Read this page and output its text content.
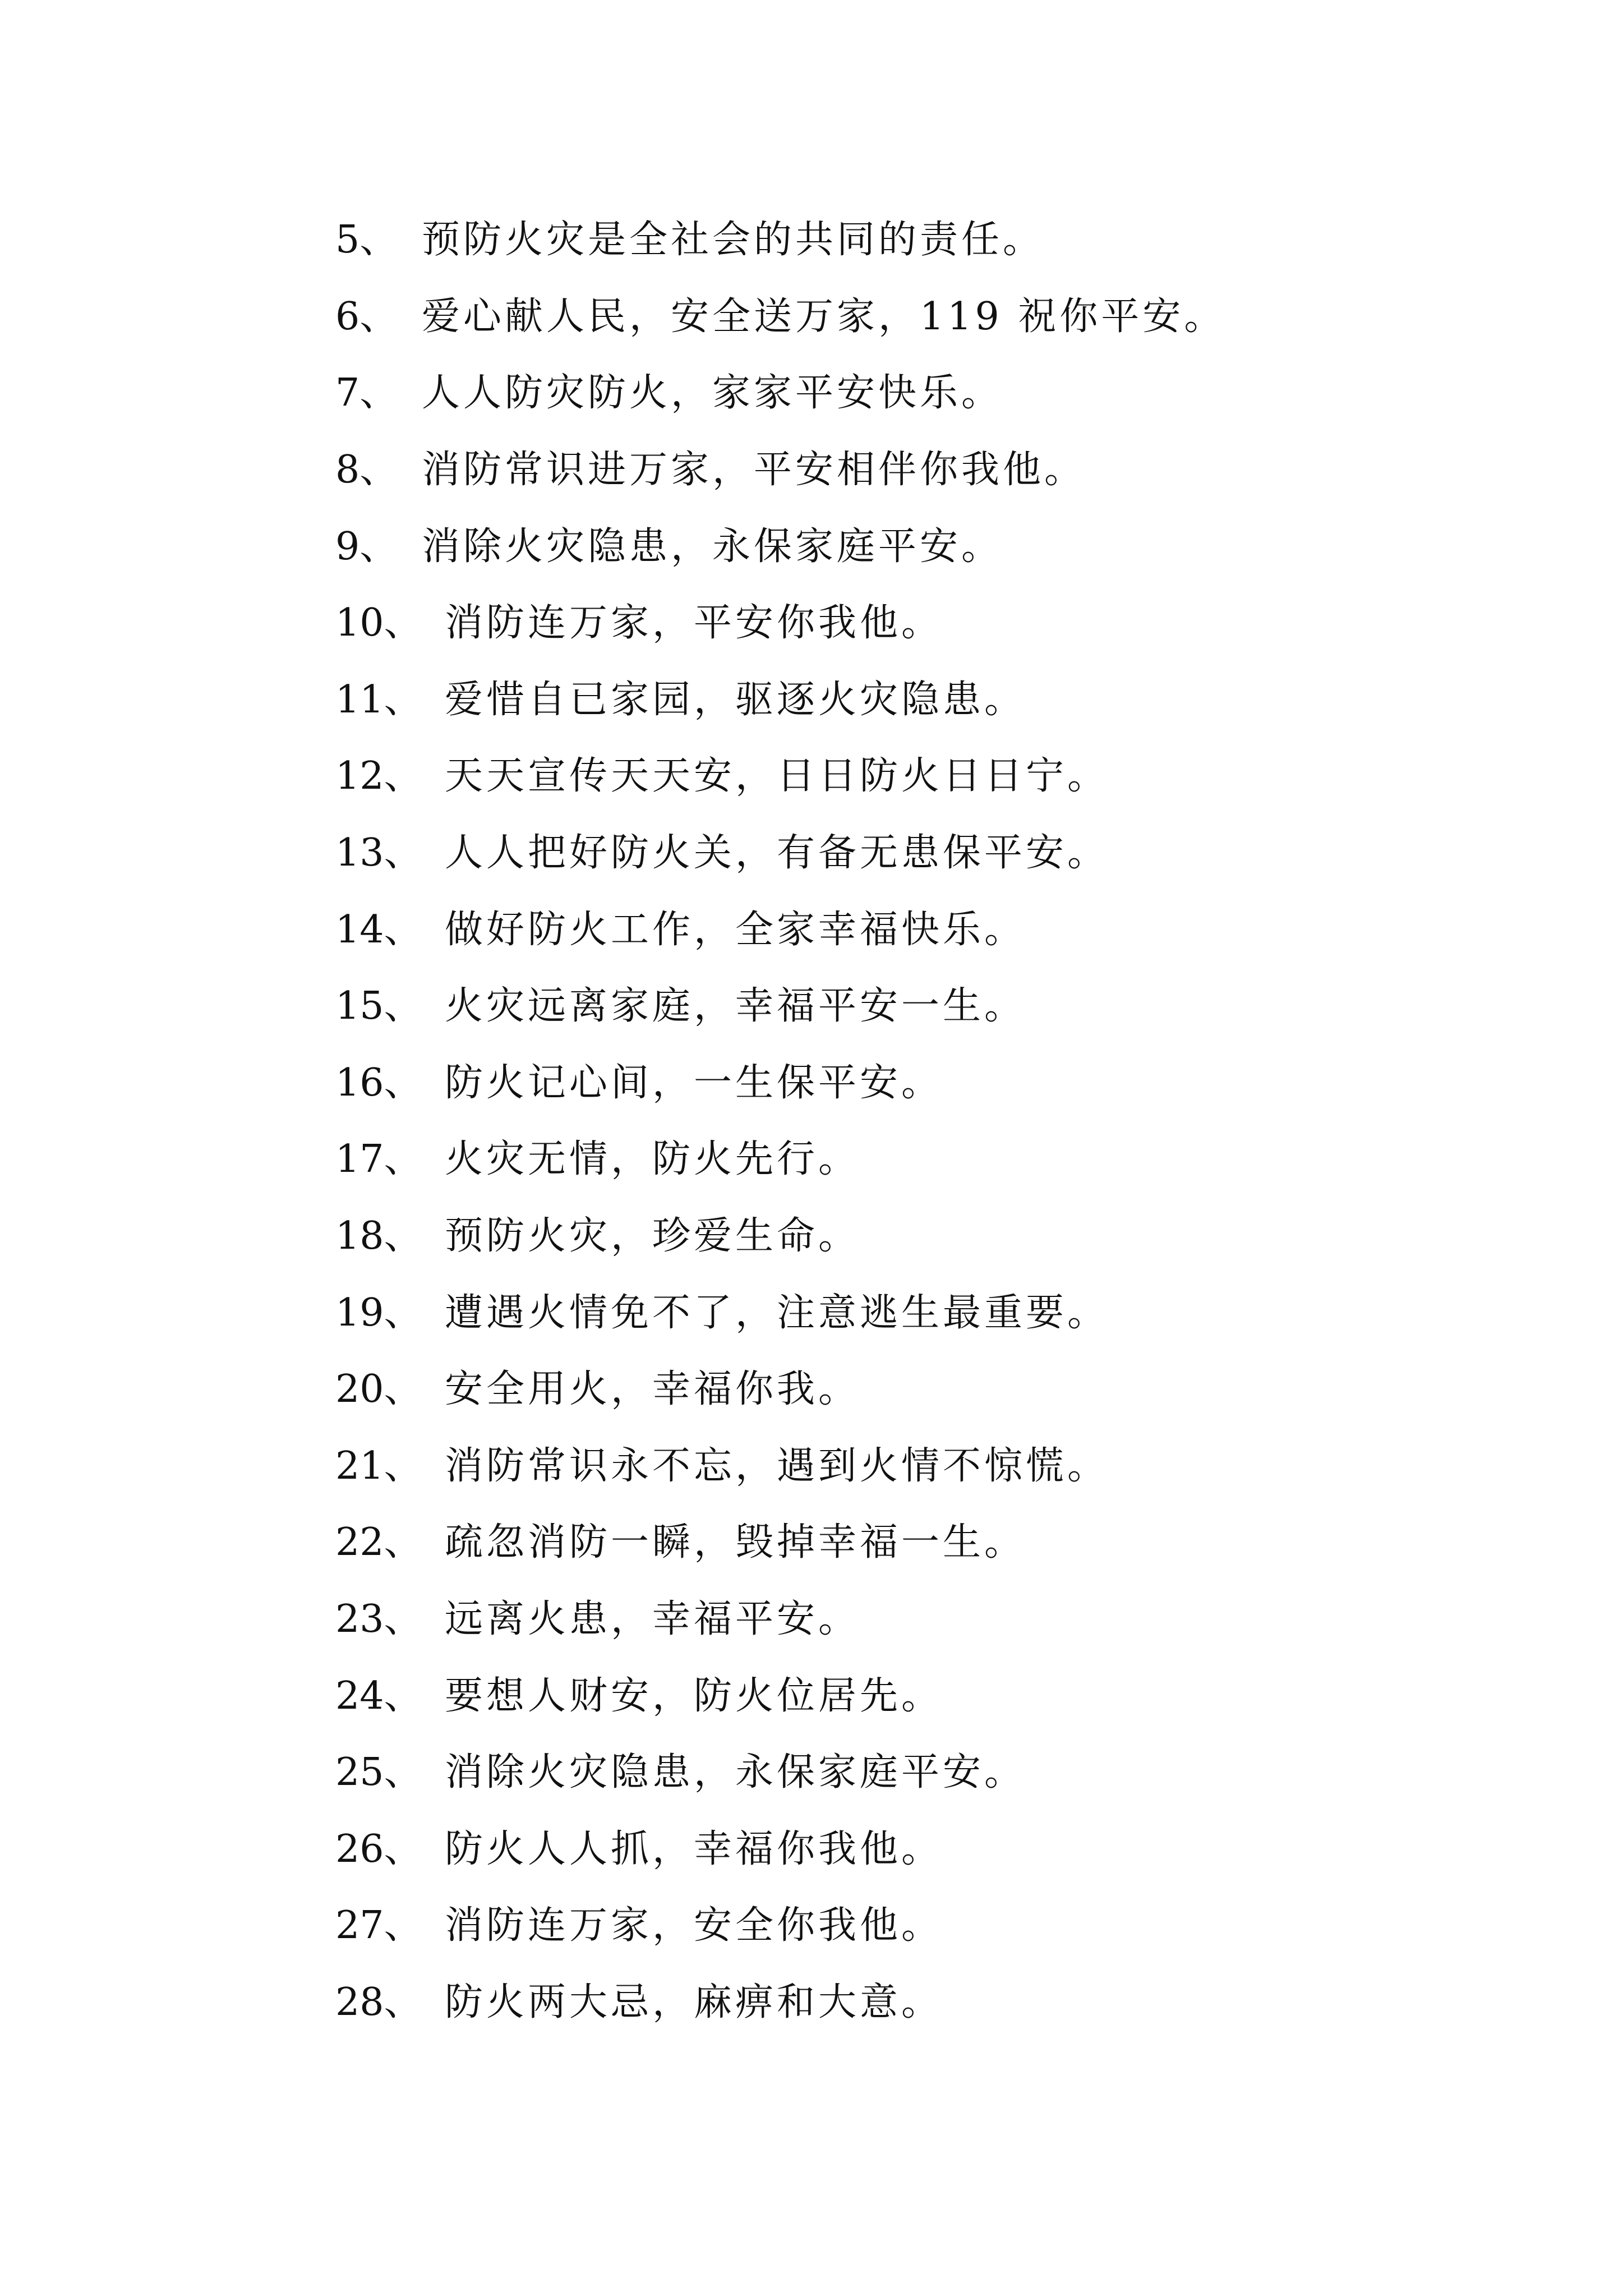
5、 预防火灾是全社会的共同的责任。
6、 爱心献人民，安全送万家，119 祝你平安。
7、 人人防灾防火，家家平安快乐。
8、 消防常识进万家，平安相伴你我他。
9、 消除火灾隐患，永保家庭平安。
10、 消防连万家，平安你我他。
11、 爱惜自已家园，驱逐火灾隐患。
12、 天天宣传天天安，日日防火日日宁。
13、 人人把好防火关，有备无患保平安。
14、 做好防火工作，全家幸福快乐。
15、 火灾远离家庭，幸福平安一生。
16、 防火记心间，一生保平安。
17、 火灾无情，防火先行。
18、 预防火灾，珍爱生命。
19、 遭遇火情免不了，注意逃生最重要。
20、 安全用火，幸福你我。
21、 消防常识永不忘，遇到火情不惊慌。
22、 疏忽消防一瞬，毁掉幸福一生。
23、 远离火患，幸福平安。
24、 要想人财安，防火位居先。
25、 消除火灾隐患，永保家庭平安。
26、 防火人人抓，幸福你我他。
27、 消防连万家，安全你我他。
28、 防火两大忌，麻痹和大意。
